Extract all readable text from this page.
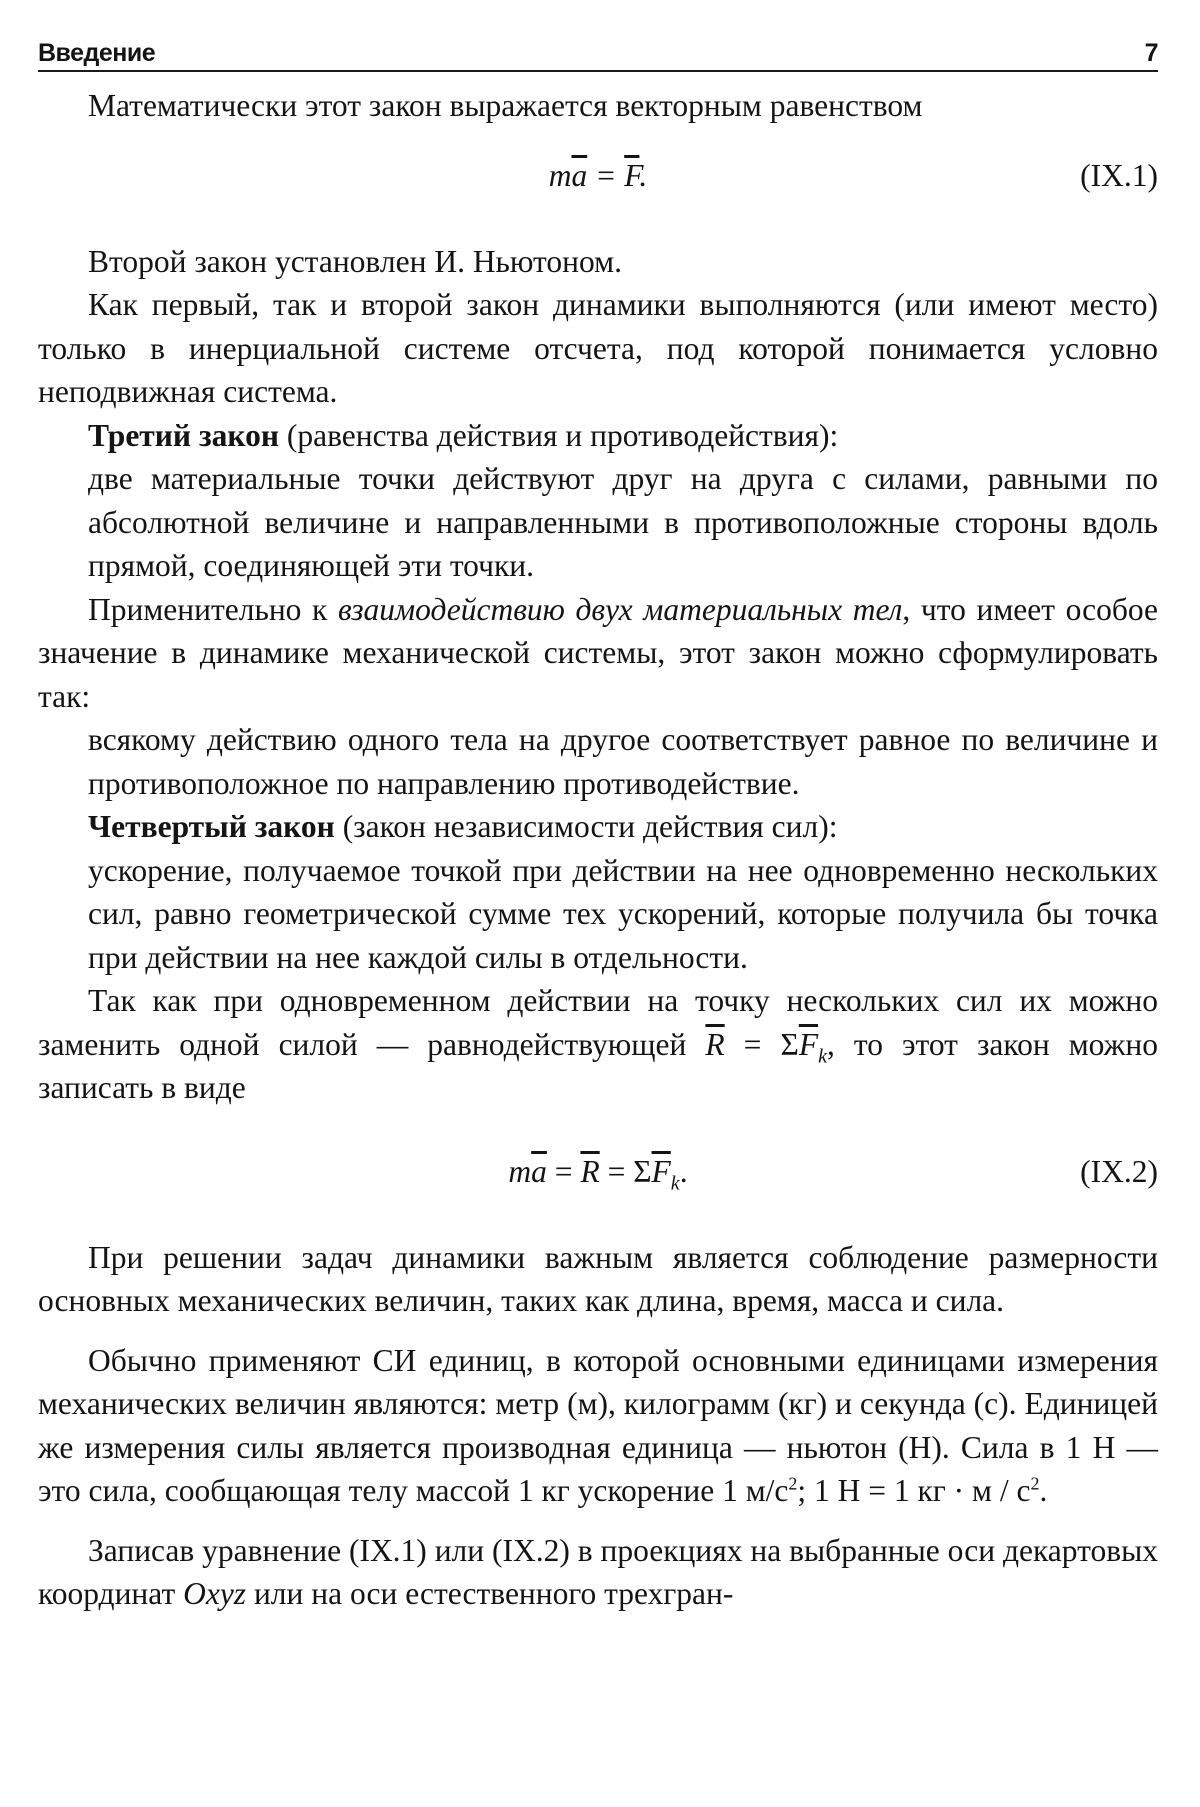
Введение	7

Математически этот закон выражается векторным равенством

$m\overline{a} = \overline{F}$.	(IX.1)

Второй закон установлен И. Ньютоном.

Как первый, так и второй закон динамики выполняются (или имеют место) только в инерциальной системе отсчета, под которой понимается условно неподвижная система.

Третий закон (равенства действия и противодействия):

две материальные точки действуют друг на друга с силами, равными по абсолютной величине и направленными в противоположные стороны вдоль прямой, соединяющей эти точки.

Применительно к взаимодействию двух материальных тел, что имеет особое значение в динамике механической системы, этот закон можно сформулировать так:

всякому действию одного тела на другое соответствует равное по величине и противоположное по направлению противодействие.

Четвертый закон (закон независимости действия сил):

ускорение, получаемое точкой при действии на нее одновременно нескольких сил, равно геометрической сумме тех ускорений, которые получила бы точка при действии на нее каждой силы в отдельности.

Так как при одновременном действии на точку нескольких сил их можно заменить одной силой — равнодействующей $\overline{R} = \Sigma\overline{F}_k$, то этот закон можно записать в виде

$m\overline{a} = \overline{R} = \Sigma\overline{F}_k$.	(IX.2)

При решении задач динамики важным является соблюдение размерности основных механических величин, таких как длина, время, масса и сила.

Обычно применяют СИ единиц, в которой основными единицами измерения механических величин являются: метр (м), килограмм (кг) и секунда (с). Единицей же измерения силы является производная единица — ньютон (Н). Сила в 1 Н — это сила, сообщающая телу массой 1 кг ускорение 1 $м/с^2$; 1 Н = 1 кг · м / $с^2$.

Записав уравнение (IX.1) или (IX.2) в проекциях на выбранные оси декартовых координат Oxyz или на оси естественного трехгран-
